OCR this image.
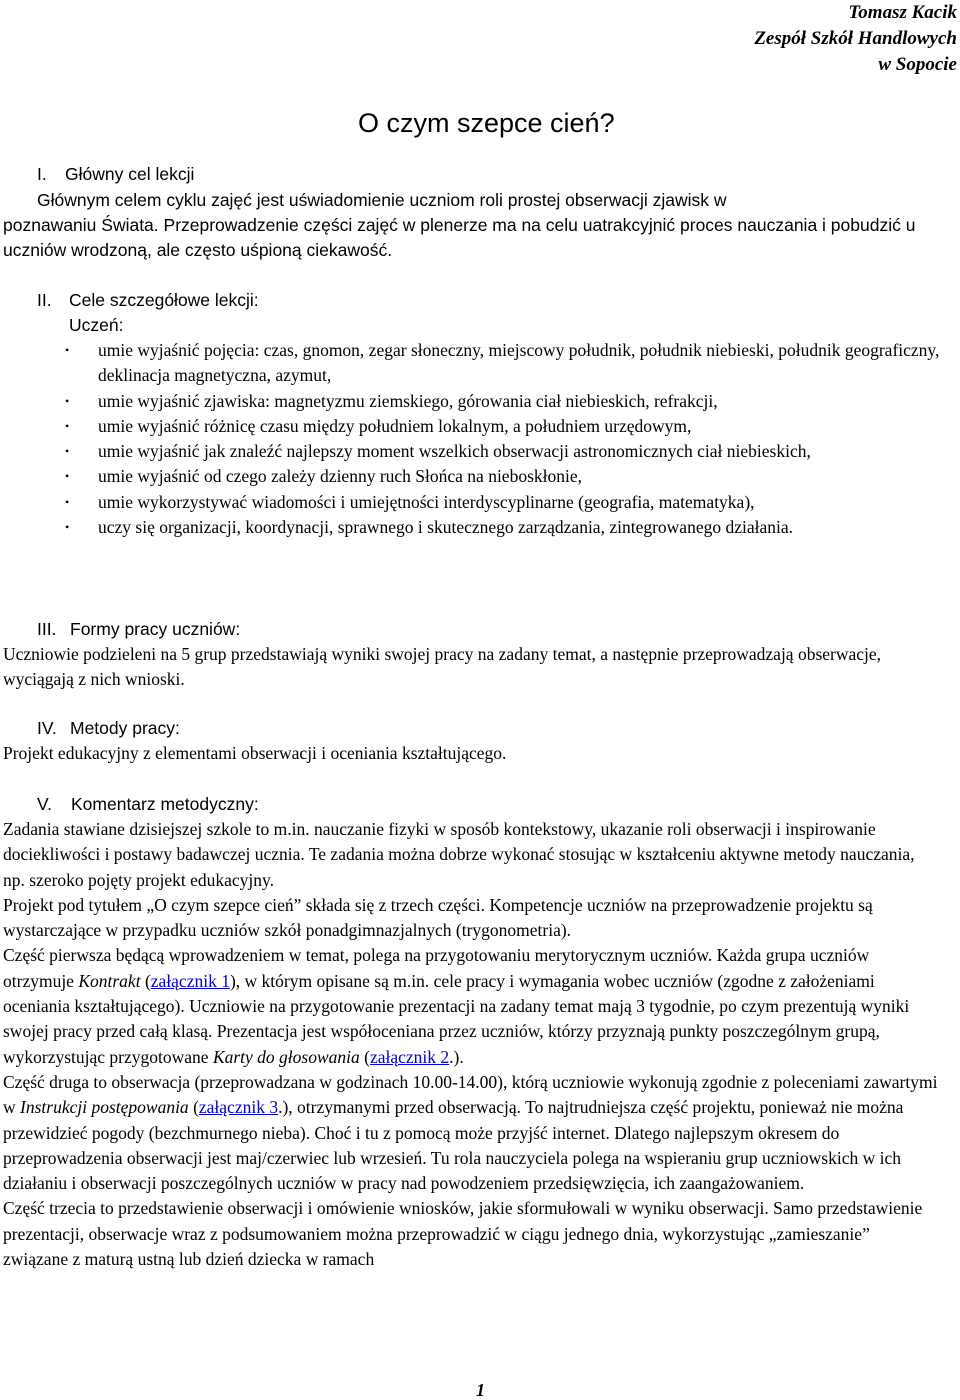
Tomasz Kacik
Zespół Szkół Handlowych
w Sopocie
O czym szepce cień?
I. Główny cel lekcji
Głównym celem cyklu zajęć jest uświadomienie uczniom roli prostej obserwacji zjawisk w
poznawaniu Świata. Przeprowadzenie części zajęć w plenerze ma na celu uatrakcyjnić proces nauczania i pobudzić u uczniów wrodzoną, ale często uśpioną ciekawość.
II. Cele szczegółowe lekcji:
Uczeń:
• umie wyjaśnić pojęcia: czas, gnomon, zegar słoneczny, miejscowy południk, południk niebieski, południk geograficzny, deklinacja magnetyczna, azymut,
• umie wyjaśnić zjawiska: magnetyzmu ziemskiego, górowania ciał niebieskich, refrakcji,
• umie wyjaśnić różnicę czasu między południem lokalnym, a południem urzędowym,
• umie wyjaśnić jak znaleźć najlepszy moment wszelkich obserwacji astronomicznych ciał niebieskich,
• umie wyjaśnić od czego zależy dzienny ruch Słońca na nieboskłonie,
• umie wykorzystywać wiadomości i umiejętności interdyscyplinarne (geografia, matematyka),
• uczy się organizacji, koordynacji, sprawnego i skutecznego zarządzania, zintegrowanego działania.
III. Formy pracy uczniów:
Uczniowie podzieleni na 5 grup przedstawiają wyniki swojej pracy na zadany temat, a następnie przeprowadzają obserwacje, wyciągają z nich wnioski.
IV. Metody pracy:
Projekt edukacyjny z elementami obserwacji i oceniania kształtującego.
V. Komentarz metodyczny:
Zadania stawiane dzisiejszej szkole to m.in. nauczanie fizyki w sposób kontekstowy, ukazanie roli obserwacji i inspirowanie dociekliwości i postawy badawczej ucznia. Te zadania można dobrze wykonać stosując w kształceniu aktywne metody nauczania, np. szeroko pojęty projekt edukacyjny.
Projekt pod tytułem „O czym szepce cień” składa się z trzech części. Kompetencje uczniów na przeprowadzenie projektu są wystarczające w przypadku uczniów szkół ponadgimnazjalnych (trygonometria).
Część pierwsza będącą wprowadzeniem w temat, polega na przygotowaniu merytorycznym uczniów. Każda grupa uczniów otrzymuje Kontrakt (załącznik 1), w którym opisane są m.in. cele pracy i wymagania wobec uczniów (zgodne z założeniami oceniania kształtującego). Uczniowie na przygotowanie prezentacji na zadany temat mają 3 tygodnie, po czym prezentują wyniki swojej pracy przed całą klasą. Prezentacja jest współoceniana przez uczniów, którzy przyznają punkty poszczególnym grupą, wykorzystując przygotowane Karty do głosowania (załącznik 2.).
Część druga to obserwacja (przeprowadzana w godzinach 10.00-14.00), którą uczniowie wykonują zgodnie z poleceniami zawartymi w Instrukcji postępowania (załącznik 3.), otrzymanymi przed obserwacją. To najtrudniejsza część projektu, ponieważ nie można przewidzieć pogody (bezchmurnego nieba). Choć i tu z pomocą może przyjść internet. Dlatego najlepszym okresem do przeprowadzenia obserwacji jest maj/czerwiec lub wrzesień. Tu rola nauczyciela polega na wspieraniu grup uczniowskich w ich działaniu i obserwacji poszczególnych uczniów w pracy nad powodzeniem przedsięwzięcia, ich zaangażowaniem.
Część trzecia to przedstawienie obserwacji i omówienie wniosków, jakie sformułowali w wyniku obserwacji. Samo przedstawienie prezentacji, obserwacje wraz z podsumowaniem można przeprowadzić w ciągu jednego dnia, wykorzystując „zamieszanie” związane z maturą ustną lub dzień dziecka w ramach
1
